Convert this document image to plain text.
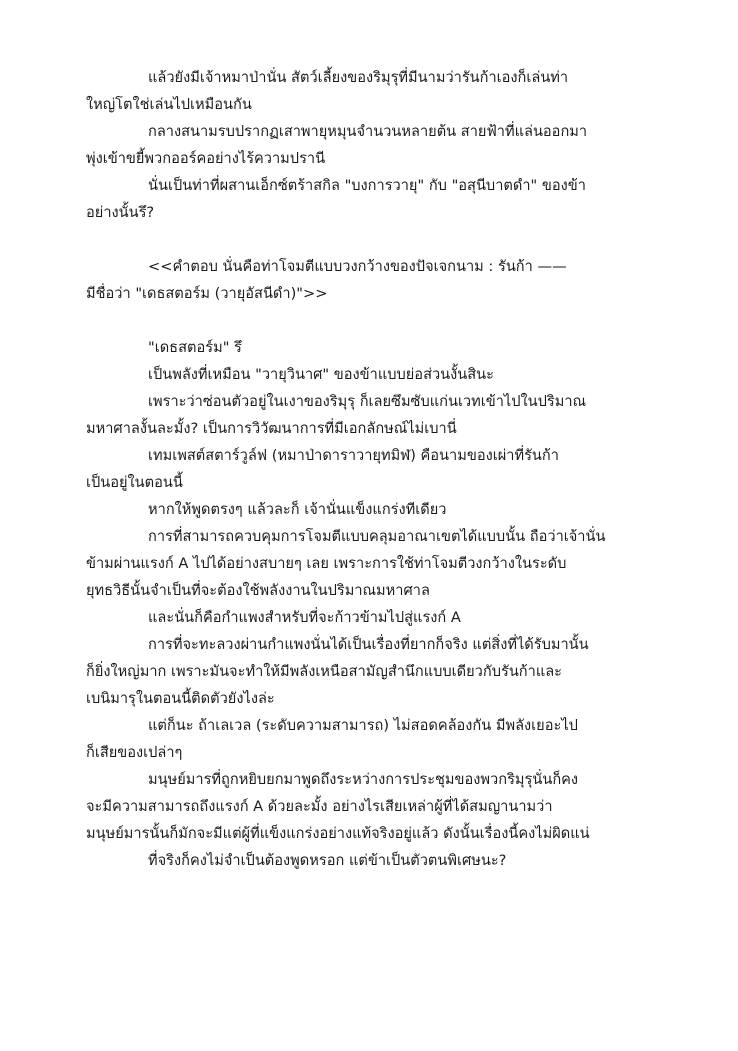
แล้วยังมีเจ้าหมาป่านั่น สัตว์เลี้ยงของริมุรุที่มีนามว่ารันก้าเองก็เล่นท่า
ใหญ่โตใช่เล่นไปเหมือนกัน
กลางสนามรบปรากฏเสาพายุหมุนจำนวนหลายต้น สายฟ้าที่แล่นออกมา
พุ่งเข้าขยี้พวกออร์คอย่างไร้ความปรานี
นั่นเป็นท่าที่ผสานเอ็กซ์ตร้าสกิล "บงการวายุ" กับ "อสุนีบาตดำ" ของข้า
อย่างนั้นรึ?
<<คำตอบ นั่นคือท่าโจมตีแบบวงกว้างของปัจเจกนาม : รันก้า ——
มีชื่อว่า "เดธสตอร์ม (วายุอัสนีดำ)">>
"เดธสตอร์ม" รึ
เป็นพลังที่เหมือน "วายุวินาศ" ของข้าแบบย่อส่วนงั้นสินะ
เพราะว่าซ่อนตัวอยู่ในเงาของริมุรุ ก็เลยซึมซับแก่นเวทเข้าไปในปริมาณ
มหาศาลงั้นละมั้ง? เป็นการวิวัฒนาการที่มีเอกลักษณ์ไม่เบานี่
เทมเพสต์สตาร์วูล์ฟ (หมาป่าดาราวายุทมิฬ) คือนามของเผ่าที่รันก้า
เป็นอยู่ในตอนนี้
หากให้พูดตรงๆ แล้วละก็ เจ้านั่นแข็งแกร่งทีเดียว
การที่สามารถควบคุมการโจมตีแบบคลุมอาณาเขตได้แบบนั้น ถือว่าเจ้านั่น
ข้ามผ่านแรงก์ A ไปได้อย่างสบายๆ เลย เพราะการใช้ท่าโจมตีวงกว้างในระดับ
ยุทธวิธีนั้นจำเป็นที่จะต้องใช้พลังงานในปริมาณมหาศาล
และนั่นก็คือกำแพงสำหรับที่จะก้าวข้ามไปสู่แรงก์ A
การที่จะทะลวงผ่านกำแพงนั่นได้เป็นเรื่องที่ยากก็จริง แต่สิ่งที่ได้รับมานั้น
ก็ยิ่งใหญ่มาก เพราะมันจะทำให้มีพลังเหนือสามัญสำนึกแบบเดียวกับรันก้าและ
เบนิมารุในตอนนี้ติดตัวยังไงล่ะ
แต่ก็นะ ถ้าเลเวล (ระดับความสามารถ) ไม่สอดคล้องกัน มีพลังเยอะไป
ก็เสียของเปล่าๆ
มนุษย์มารที่ถูกหยิบยกมาพูดถึงระหว่างการประชุมของพวกริมุรุนั่นก็คง
จะมีความสามารถถึงแรงก์ A ด้วยละมั้ง อย่างไรเสียเหล่าผู้ที่ได้สมญานามว่า
มนุษย์มารนั้นก็มักจะมีแต่ผู้ที่แข็งแกร่งอย่างแท้จริงอยู่แล้ว ดังนั้นเรื่องนี้คงไม่ผิดแน่
ที่จริงก็คงไม่จำเป็นต้องพูดหรอก แต่ข้าเป็นตัวตนพิเศษนะ?
